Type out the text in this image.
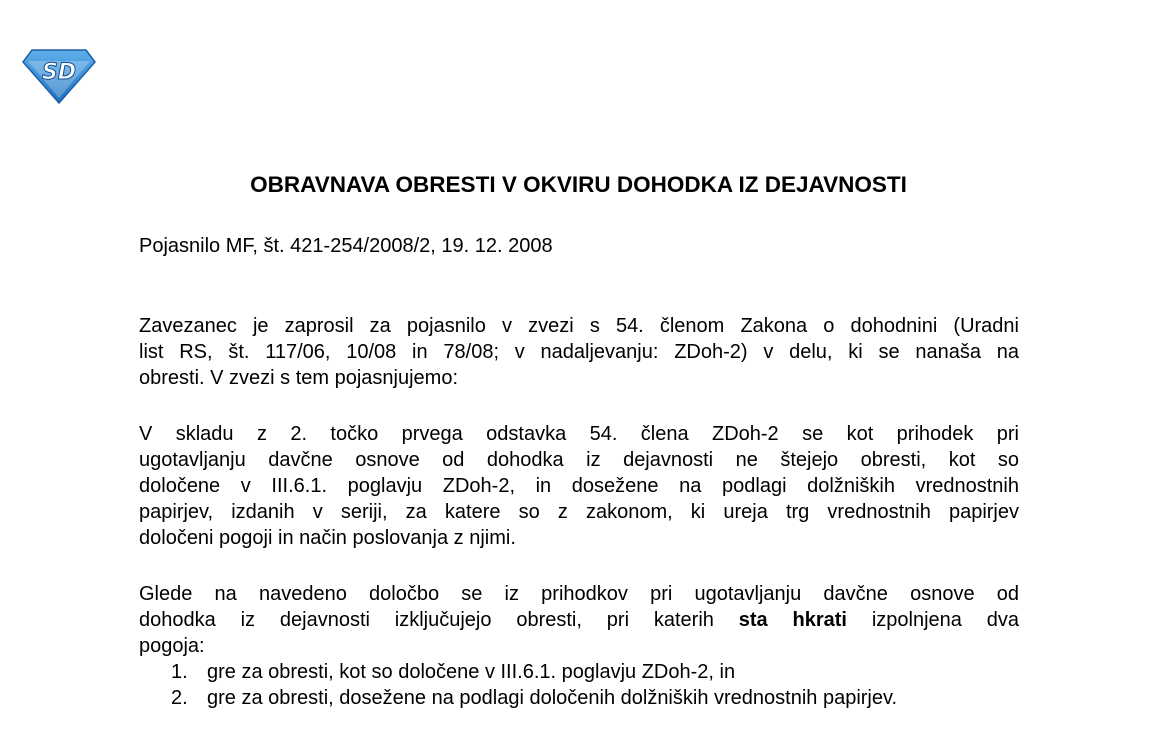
SD
OBRAVNAVA OBRESTI V OKVIRU DOHODKA IZ DEJAVNOSTI
Pojasnilo MF, št. 421-254/2008/2, 19. 12. 2008
Zavezanec je zaprosil za pojasnilo v zvezi s 54. členom Zakona o dohodnini (Uradni
list RS, št. 117/06, 10/08 in 78/08; v nadaljevanju: ZDoh-2) v delu, ki se nanaša na
obresti. V zvezi s tem pojasnjujemo:
V skladu z 2. točko prvega odstavka 54. člena ZDoh-2 se kot prihodek pri
ugotavljanju davčne osnove od dohodka iz dejavnosti ne štejejo obresti, kot so
določene v III.6.1. poglavju ZDoh-2, in dosežene na podlagi dolžniških vrednostnih
papirjev, izdanih v seriji, za katere so z zakonom, ki ureja trg vrednostnih papirjev
določeni pogoji in način poslovanja z njimi.
Glede na navedeno določbo se iz prihodkov pri ugotavljanju davčne osnove od
dohodka iz dejavnosti izključujejo obresti, pri katerih sta hkrati izpolnjena dva
pogoja:
1. gre za obresti, kot so določene v III.6.1. poglavju ZDoh-2, in
2. gre za obresti, dosežene na podlagi določenih dolžniških vrednostnih papirjev.
